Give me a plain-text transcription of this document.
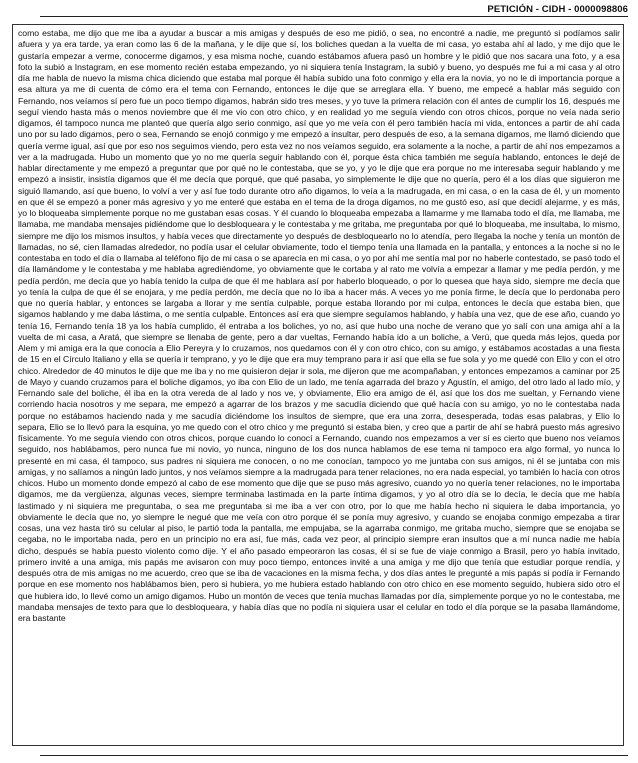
PETICIÓN - CIDH - 0000098806

como estaba, me dijo que me iba a ayudar a buscar a mis amigas y después de eso me pidió, o sea, no encontré a nadie, me preguntó si podíamos salir afuera y ya era tarde, ya eran como las 6 de la mañana, y le dije que sí, los boliches quedan a la vuelta de mi casa, yo estaba ahí al lado, y me dijo que le gustaría empezar a verme, conocerme digamos, y esa misma noche, cuando estábamos afuera pasó un hombre y le pidió que nos sacara una foto, y a esa foto la subió a Instagram, en ese momento recién estaba empezando, yo ni siquiera tenía Instagram, la subió y bueno, yo después me fui a mi casa y al otro día me habla de nuevo la misma chica diciendo que estaba mal porque él había subido una foto conmigo y ella era la novia, yo no le di importancia porque a esa altura ya me di cuenta de cómo era el tema con Fernando, entonces le dije que se arreglara ella. Y bueno, me empecé a hablar más seguido con Fernando, nos veíamos sí pero fue un poco tiempo digamos, habrán sido tres meses, y yo tuve la primera relación con él antes de cumplir los 16, después me seguí viendo hasta más o menos noviembre que él me vio con otro chico, y en realidad yo me seguía viendo con otros chicos, porque no veía nada serio digamos, él tampoco nunca me planteó que quería algo serio conmigo, así que yo me veía con él pero también hacía mi vida, entonces a partir de ahí cada uno por su lado digamos, pero o sea, Fernando se enojó conmigo y me empezó a insultar, pero después de eso, a la semana digamos, me llamó diciendo que quería verme igual, así que por eso nos seguimos viendo, pero esta vez no nos veíamos seguido, era solamente a la noche, a partir de ahí nos empezamos a ver a la madrugada. Hubo un momento que yo no me quería seguir hablando con él, porque ésta chica también me seguía hablando, entonces le dejé de hablar directamente y me empezó a preguntar que por qué no le contestaba, que se yo, y yo le dije que era porque no me interesaba seguir hablando y me empezó a insistir, insistía digamos que él me decía que porqué, que qué pasaba, yo simplemente le dije que no quería, pero él a los días que siguieron me siguió llamando, así que bueno, lo volví a ver y así fue todo durante otro año digamos, lo veía a la madrugada, en mi casa, o en la casa de él, y un momento en que él se empezó a poner más agresivo y yo me enteré que estaba en el tema de la droga digamos, no me gustó eso, así que decidí alejarme, y es más, yo lo bloqueaba simplemente porque no me gustaban esas cosas. Y él cuando lo bloqueaba empezaba a llamarme y me llamaba todo el día, me llamaba, me llamaba, me mandaba mensajes pidiéndome que lo desbloqueara y le contestaba y me gritaba, me preguntaba por qué lo bloqueaba, me insultaba, lo mismo, siempre me dijo los mismos insultos, y había veces que directamente yo después de desbloquearlo no lo atendía, pero llegaba la noche y tenía un montón de llamadas, no sé, cien llamadas alrededor, no podía usar el celular obviamente, todo el tiempo tenía una llamada en la pantalla, y entonces a la noche si no le contestaba en todo el día o llamaba al teléfono fijo de mi casa o se aparecía en mi casa, o yo por ahí me sentía mal por no haberle contestado, se pasó todo el día llamándome y le contestaba y me hablaba agrediéndome, yo obviamente que le cortaba y al rato me volvía a empezar a llamar y me pedía perdón, y me pedía perdón, me decía que yo había tenido la culpa de que él me hablara así por haberlo bloqueado, o por lo quesea que haya sido, siempre me decía que yo tenía la culpa de que él se enojara, y me pedía perdón, me decía que no lo iba a hacer más. A veces yo me ponía firme, le decía que lo perdonaba pero que no quería hablar, y entonces se largaba a llorar y me sentía culpable, porque estaba llorando por mi culpa, entonces le decía que estaba bien, que sigamos hablando y me daba lástima, o me sentía culpable. Entonces así era que siempre seguíamos hablando, y había una vez, que de ese año, cuando yo tenía 16, Fernando tenía 18 ya los había cumplido, él entraba a los boliches, yo no, así que hubo una noche de verano que yo salí con una amiga ahí a la vuelta de mi casa, a Aratá, que siempre se llenaba de gente, pero a dar vueltas, Fernando había ido a un boliche, a Verú, que queda más lejos, queda por Alem y mi amiga era la que conocía a Elio Pereyra y lo cruzamos, nos quedamos con él y con otro chico, con su amigo, y estábamos acostadas a una fiesta de 15 en el Círculo Italiano y ella se quería ir temprano, y yo le dije que era muy temprano para ir así que ella se fue sola y yo me quedé con Elio y con el otro chico. Alrededor de 40 minutos le dije que me iba y no me quisieron dejar ir sola, me dijeron que me acompañaban, y entonces empezamos a caminar por 25 de Mayo y cuando cruzamos para el boliche digamos, yo iba con Elio de un lado, me tenía agarrada del brazo y Agustín, el amigo, del otro lado al lado mío, y Fernando sale del boliche, él iba en la otra vereda de al lado y nos ve, y obviamente, Elio era amigo de él, así que los dos me sueltan, y Fernando viene corriendo hacia nosotros y me separa, me empezó a agarrar de los brazos y me sacudía diciendo que qué hacía con su amigo, yo no le contestaba nada porque no estábamos haciendo nada y me sacudía diciéndome los insultos de siempre, que era una zorra, desesperada, todas esas palabras, y Elio lo separa, Elio se lo llevó para la esquina, yo me quedo con el otro chico y me preguntó si estaba bien, y creo que a partir de ahí se habrá puesto más agresivo físicamente. Yo me seguía viendo con otros chicos, porque cuando lo conocí a Fernando, cuando nos empezamos a ver sí es cierto que bueno nos veíamos seguido, nos hablábamos, pero nunca fue mi novio, yo nunca, ninguno de los dos nunca hablamos de ese tema ni tampoco era algo formal, yo nunca lo presenté en mi casa, él tampoco, sus padres ni siquiera me conocen, o no me conocían, tampoco yo me juntaba con sus amigos, ni él se juntaba con mis amigas, y no salíamos a ningún lado juntos, y nos veíamos siempre a la madrugada para tener relaciones, no era nada especial, yo también lo hacía con otros chicos. Hubo un momento donde empezó al cabo de ese momento que dije que se puso más agresivo, cuando yo no quería tener relaciones, no le importaba digamos, me da vergüenza, algunas veces, siempre terminaba lastimada en la parte íntima digamos, y yo al otro día se lo decía, le decía que me había lastimado y ni siquiera me preguntaba, o sea me preguntaba si me iba a ver con otro, por lo que me había hecho ni siquiera le daba importancia, yo obviamente le decía que no, yo siempre le negué que me veía con otro porque él se ponía muy agresivo, y cuando se enojaba conmigo empezaba a tirar cosas, una vez hasta tiró su celular al piso, le partió toda la pantalla, me empujaba, se la agarraba conmigo, me gritaba mucho, siempre que se enojaba se cegaba, no le importaba nada, pero en un principio no era así, fue más, cada vez peor, al principio siempre eran insultos que a mí nunca nadie me había dicho, después se había puesto violento como dije. Y el año pasado empeoraron las cosas, él si se fue de viaje conmigo a Brasil, pero yo había invitado, primero invité a una amiga, mis papás me avisaron con muy poco tiempo, entonces invité a una amiga y me dijo que tenía que estudiar porque rendía, y después otra de mis amigas no me acuerdo, creo que se iba de vacaciones en la misma fecha, y dos días antes le pregunté a mis papás si podía ir Fernando porque en ese momento nos hablábamos bien, pero si hubiera, yo me hubiera estado hablando con otro chico en ese momento seguido, hubiera sido otro el que hubiera ido, lo llevé como un amigo digamos. Hubo un montón de veces que tenía muchas llamadas por día, simplemente porque yo no le contestaba, me mandaba mensajes de texto para que lo desbloqueara, y había días que no podía ni siquiera usar el celular en todo el día porque se la pasaba llamándome, era bastante
